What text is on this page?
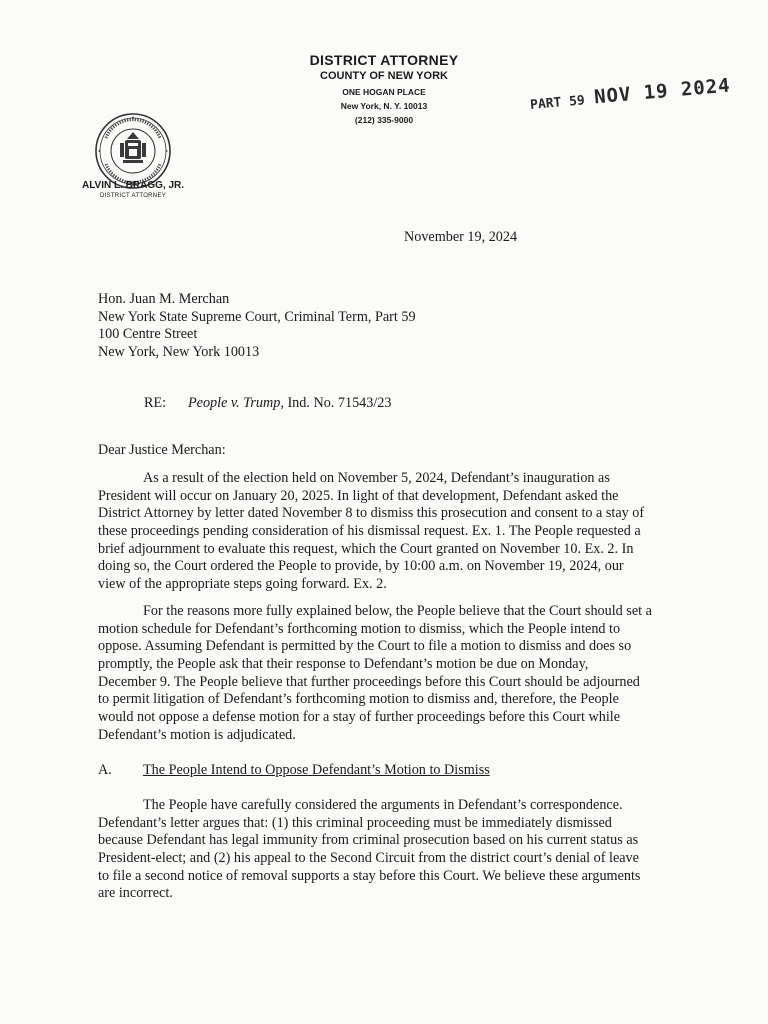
DISTRICT ATTORNEY
COUNTY OF NEW YORK
ONE HOGAN PLACE
New York, N. Y. 10013
(212) 335-9000
ALVIN L. BRAGG, JR.
DISTRICT ATTORNEY
PART 59 NOV 19 2024
November 19, 2024
Hon. Juan M. Merchan
New York State Supreme Court, Criminal Term, Part 59
100 Centre Street
New York, New York 10013
RE: People v. Trump, Ind. No. 71543/23
Dear Justice Merchan:
As a result of the election held on November 5, 2024, Defendant’s inauguration as
President will occur on January 20, 2025. In light of that development, Defendant asked the
District Attorney by letter dated November 8 to dismiss this prosecution and consent to a stay of
these proceedings pending consideration of his dismissal request. Ex. 1. The People requested a
brief adjournment to evaluate this request, which the Court granted on November 10. Ex. 2. In
doing so, the Court ordered the People to provide, by 10:00 a.m. on November 19, 2024, our
view of the appropriate steps going forward. Ex. 2.
For the reasons more fully explained below, the People believe that the Court should set a
motion schedule for Defendant’s forthcoming motion to dismiss, which the People intend to
oppose. Assuming Defendant is permitted by the Court to file a motion to dismiss and does so
promptly, the People ask that their response to Defendant’s motion be due on Monday,
December 9. The People believe that further proceedings before this Court should be adjourned
to permit litigation of Defendant’s forthcoming motion to dismiss and, therefore, the People
would not oppose a defense motion for a stay of further proceedings before this Court while
Defendant’s motion is adjudicated.
A. The People Intend to Oppose Defendant’s Motion to Dismiss
The People have carefully considered the arguments in Defendant’s correspondence.
Defendant’s letter argues that: (1) this criminal proceeding must be immediately dismissed
because Defendant has legal immunity from criminal prosecution based on his current status as
President-elect; and (2) his appeal to the Second Circuit from the district court’s denial of leave
to file a second notice of removal supports a stay before this Court. We believe these arguments
are incorrect.
